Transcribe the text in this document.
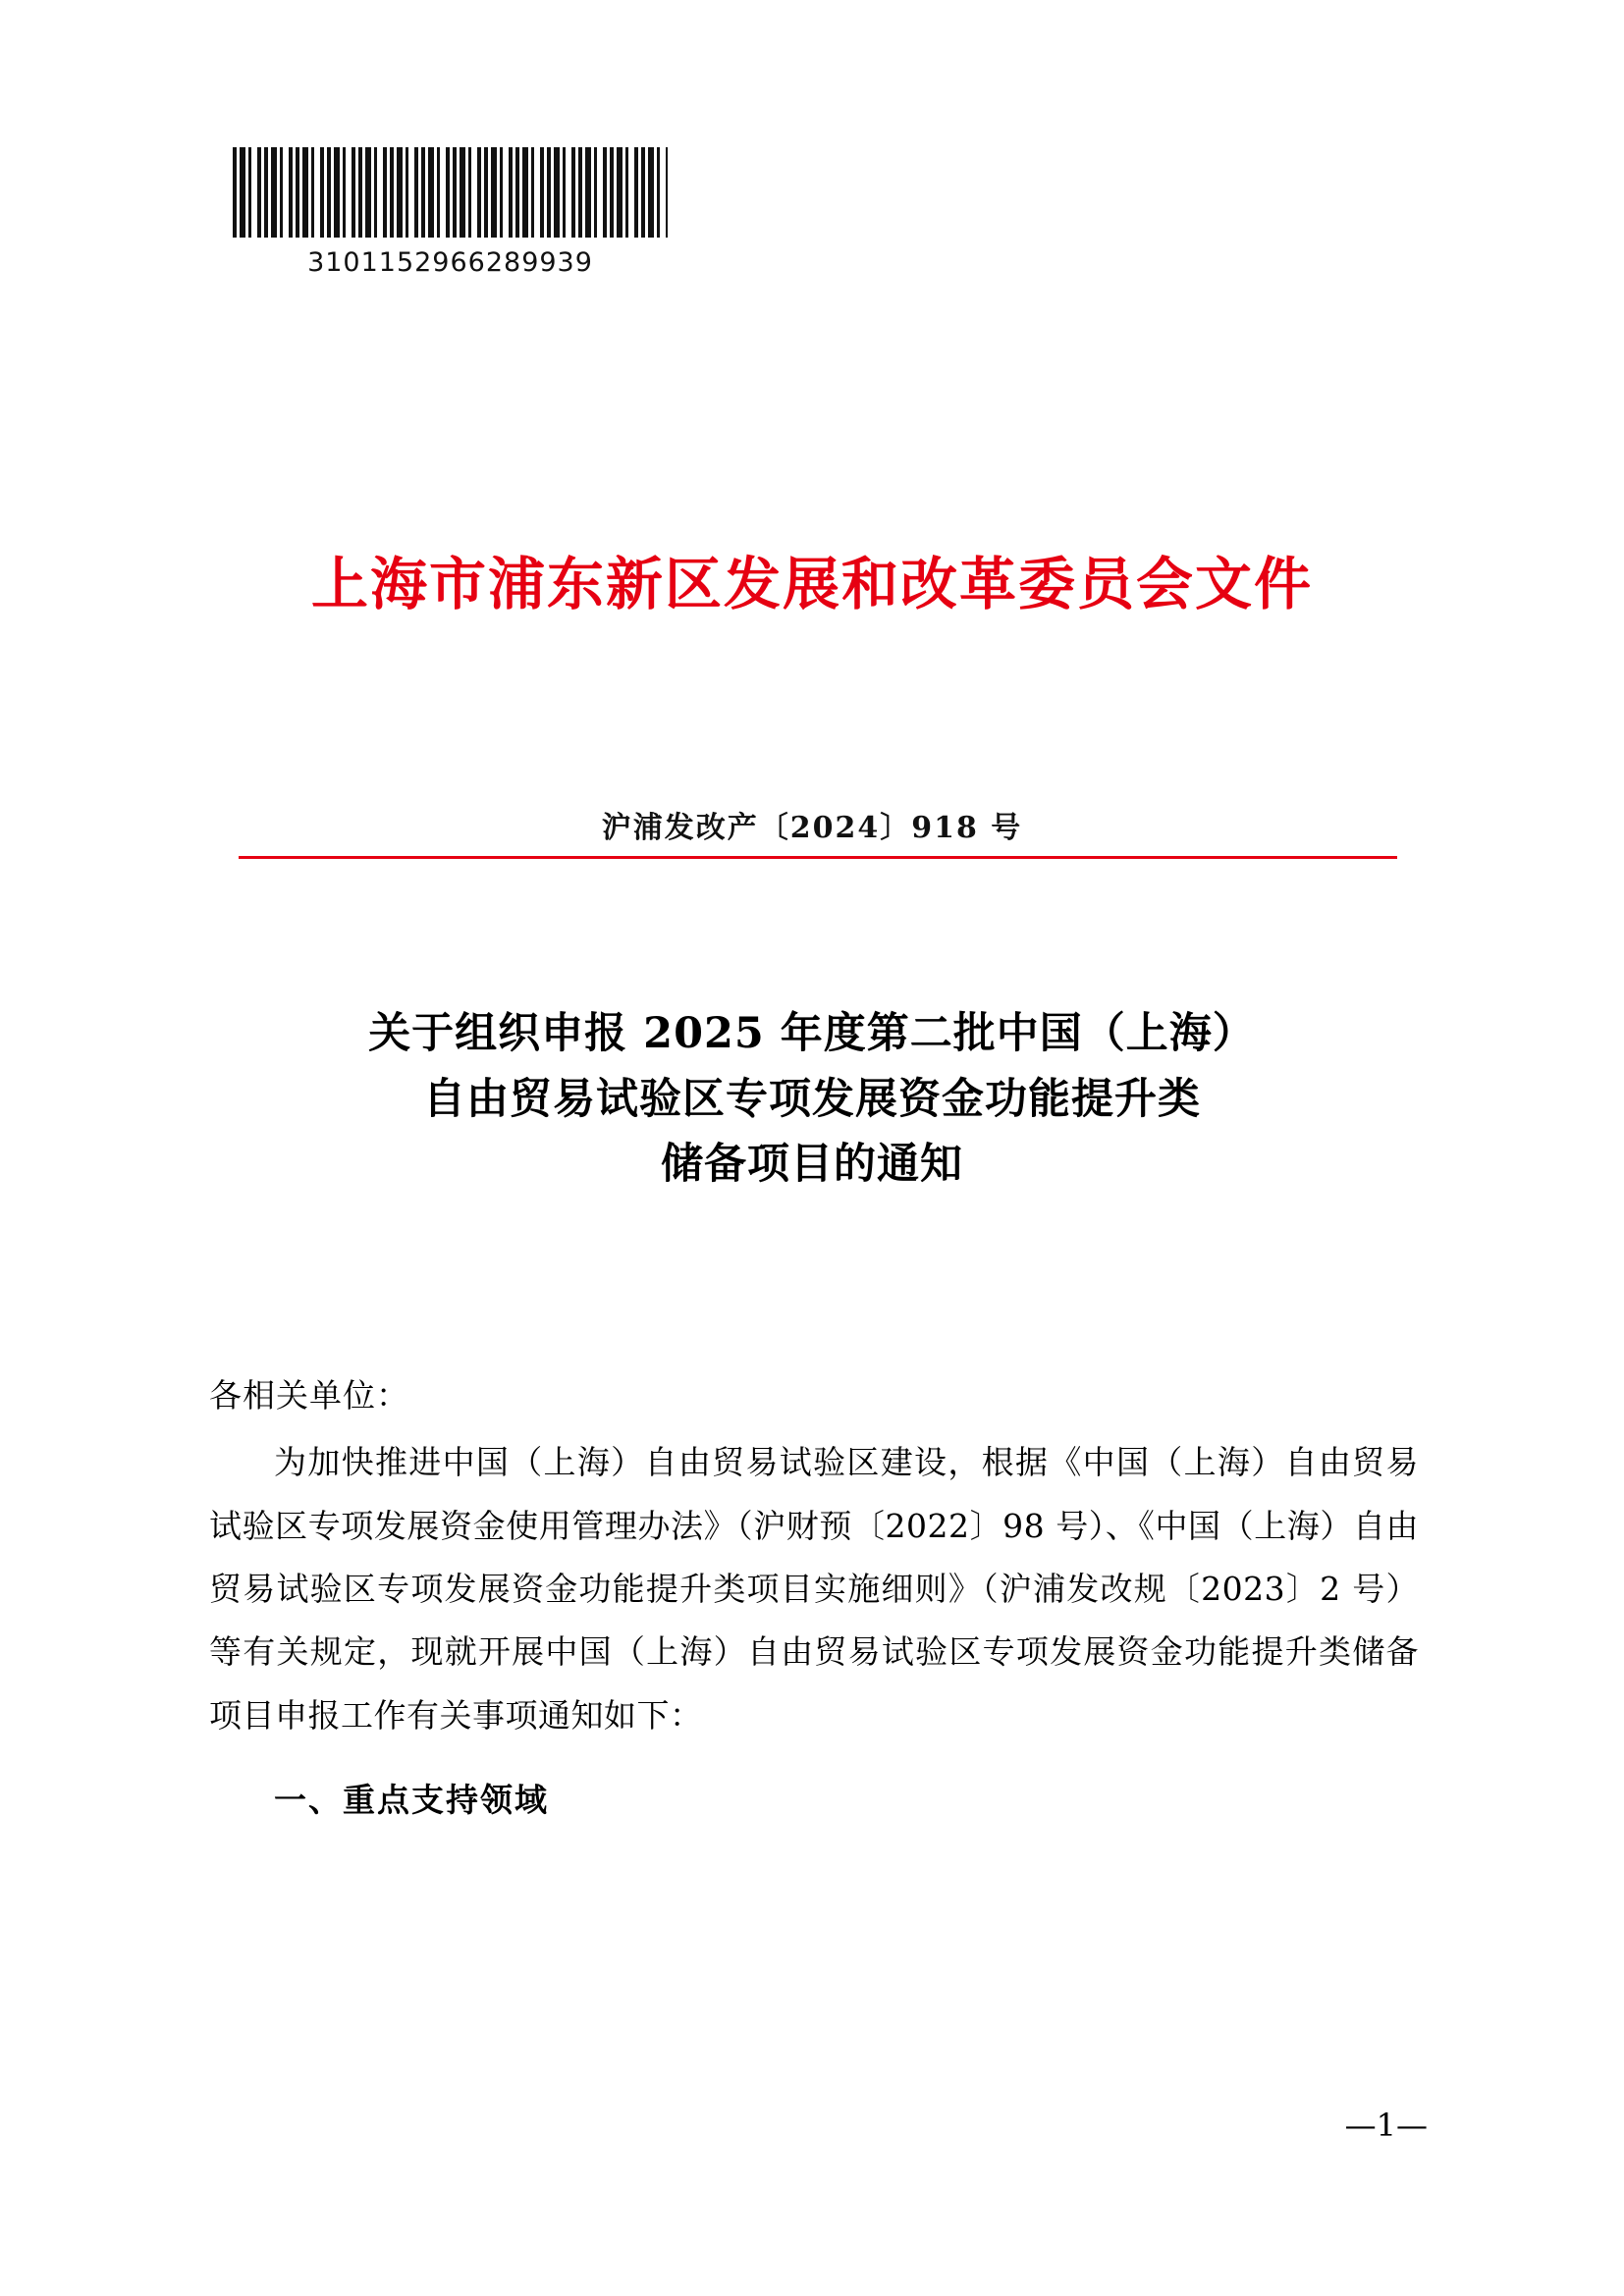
3101152966289939
上海市浦东新区发展和改革委员会文件
沪浦发改产〔2024〕918 号
关于组织申报 2025 年度第二批中国（上海）
自由贸易试验区专项发展资金功能提升类
储备项目的通知

各相关单位：

为加快推进中国（上海）自由贸易试验区建设，根据《中国（上海）自由贸易试验区专项发展资金使用管理办法》（沪财预〔2022〕98 号）、《中国（上海）自由贸易试验区专项发展资金功能提升类项目实施细则》（沪浦发改规〔2023〕2 号）等有关规定，现就开展中国（上海）自由贸易试验区专项发展资金功能提升类储备项目申报工作有关事项通知如下：

一、重点支持领域

—1—
